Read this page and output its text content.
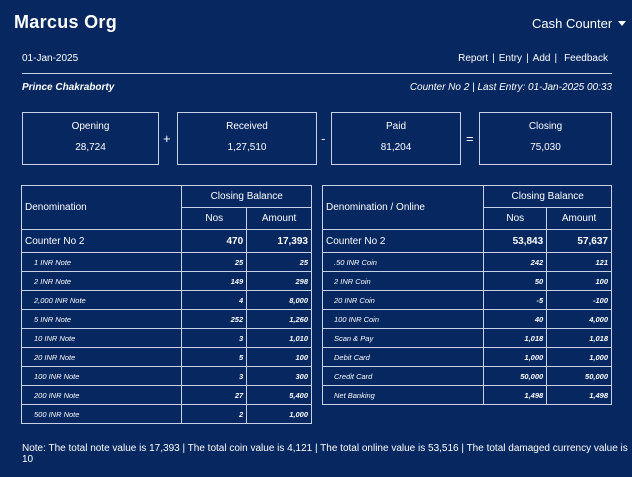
Marcus Org	Cash Counter
01-Jan-2025	Report | Entry | Add | Feedback
Prince Chakraborty	Counter No 2 | Last Entry: 01-Jan-2025 00:33
Opening
28,724
+
Received
1,27,510
-
Paid
81,204
=
Closing
75,030
Denomination	Closing Balance	
	Nos	Amount
Counter No 2	470	17,393
1 INR Note	25	25
2 INR Note	149	298
2,000 INR Note	4	8,000
5 INR Note	252	1,260
10 INR Note	3	1,010
20 INR Note	5	100
100 INR Note	3	300
200 INR Note	27	5,400
500 INR Note	2	1,000
Denomination / Online	Closing Balance	
	Nos	Amount
Counter No 2	53,843	57,637
.50 INR Coin	242	121
2 INR Coin	50	100
20 INR Coin	-5	-100
100 INR Coin	40	4,000
Scan & Pay	1,018	1,018
Debit Card	1,000	1,000
Credit Card	50,000	50,000
Net Banking	1,498	1,498
Note: The total note value is 17,393 | The total coin value is 4,121 | The total online value is 53,516 | The total damaged currency value is 10
